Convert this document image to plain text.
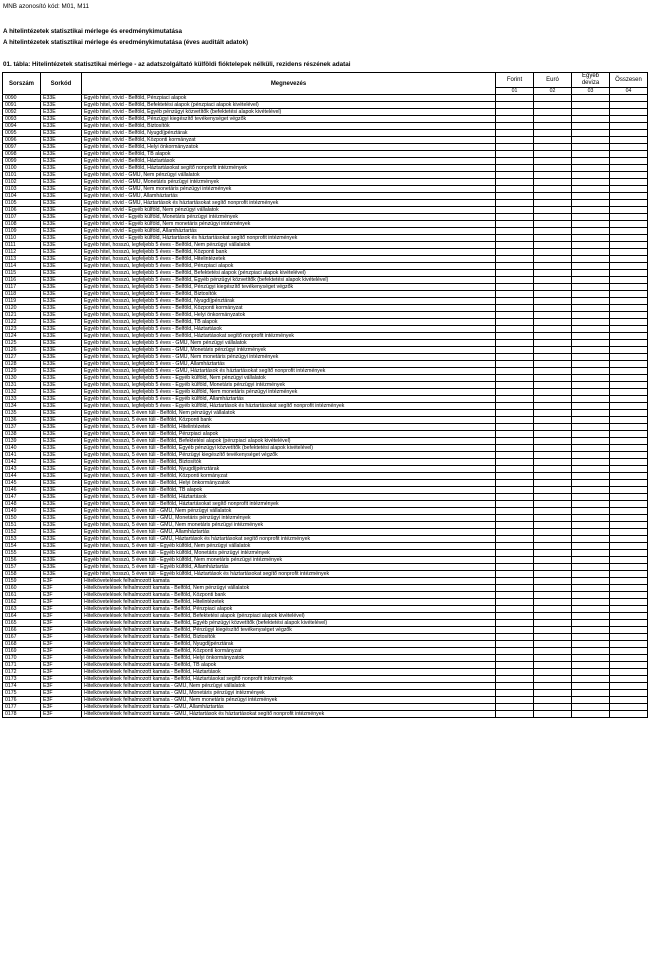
MNB azonosító kód: M01, M11
A hitelintézetek statisztikai mérlege és eredménykimutatása
A hitelintézetek statisztikai mérlege és eredménykimutatása (éves auditált adatok)
01. tábla: Hitelintézetek statisztikai mérlege - az adatszolgáltató külföldi fióktelepek nélküli, rezidens részének adatai
Sorszám	Sorkód	Megnevezés	Forint	Euró	Egyéb deviza	Összesen
			01	02	03	04
0090	E33E	Egyéb hitel, rövid - Belföld, Pénzpiaci alapok				
0091	E33E	Egyéb hitel, rövid - Belföld, Befektetési alapok (pénzpiaci alapok kivételével)				
0092	E33E	Egyéb hitel, rövid - Belföld, Egyéb pénzügyi közvetítők (befektetési alapok kivételével)				
0093	E33E	Egyéb hitel, rövid - Belföld, Pénzügyi kiegészítő tevékenységet végzők				
0094	E33E	Egyéb hitel, rövid - Belföld, Biztosítók				
0095	E33E	Egyéb hitel, rövid - Belföld, Nyugdíjpénztárak				
0096	E33E	Egyéb hitel, rövid - Belföld, Központi kormányzat				
0097	E33E	Egyéb hitel, rövid - Belföld, Helyi önkormányzatok				
0098	E33E	Egyéb hitel, rövid - Belföld, TB alapok				
0099	E33E	Egyéb hitel, rövid - Belföld, Háztartások				
0100	E33E	Egyéb hitel, rövid - Belföld, Háztartásokat segítő nonprofit intézmények				
0101	E33E	Egyéb hitel, rövid - GMU, Nem pénzügyi vállalatok				
0102	E33E	Egyéb hitel, rövid - GMU, Monetáris pénzügyi intézmények				
0103	E33E	Egyéb hitel, rövid - GMU, Nem monetáris pénzügyi intézmények				
0104	E33E	Egyéb hitel, rövid - GMU, Államháztartás				
0105	E33E	Egyéb hitel, rövid - GMU, Háztartások és háztartásokat segítő nonprofit intézmények				
0106	E33E	Egyéb hitel, rövid - Egyéb külföld, Nem pénzügyi vállalatok				
0107	E33E	Egyéb hitel, rövid - Egyéb külföld, Monetáris pénzügyi intézmények				
0108	E33E	Egyéb hitel, rövid - Egyéb külföld, Nem monetáris pénzügyi intézmények				
0109	E33E	Egyéb hitel, rövid - Egyéb külföld, Államháztartás				
0110	E33E	Egyéb hitel, rövid - Egyéb külföld, Háztartások és háztartásokat segítő nonprofit intézmények				
0111	E33E	Egyéb hitel, hosszú, legfeljebb 5 éves - Belföld, Nem pénzügyi vállalatok				
0112	E33E	Egyéb hitel, hosszú, legfeljebb 5 éves - Belföld, Központi bank				
0113	E33E	Egyéb hitel, hosszú, legfeljebb 5 éves - Belföld, Hitelintézetek				
0114	E33E	Egyéb hitel, hosszú, legfeljebb 5 éves - Belföld, Pénzpiaci alapok				
0115	E33E	Egyéb hitel, hosszú, legfeljebb 5 éves - Belföld, Befektetési alapok (pénzpiaci alapok kivételével)				
0116	E33E	Egyéb hitel, hosszú, legfeljebb 5 éves - Belföld, Egyéb pénzügyi közvetítők (befektetési alapok kivételével)				
0117	E33E	Egyéb hitel, hosszú, legfeljebb 5 éves - Belföld, Pénzügyi kiegészítő tevékenységet végzők				
0118	E33E	Egyéb hitel, hosszú, legfeljebb 5 éves - Belföld, Biztosítók				
0119	E33E	Egyéb hitel, hosszú, legfeljebb 5 éves - Belföld, Nyugdíjpénztárak				
0120	E33E	Egyéb hitel, hosszú, legfeljebb 5 éves - Belföld, Központi kormányzat				
0121	E33E	Egyéb hitel, hosszú, legfeljebb 5 éves - Belföld, Helyi önkormányzatok				
0122	E33E	Egyéb hitel, hosszú, legfeljebb 5 éves - Belföld, TB alapok				
0123	E33E	Egyéb hitel, hosszú, legfeljebb 5 éves - Belföld, Háztartások				
0124	E33E	Egyéb hitel, hosszú, legfeljebb 5 éves - Belföld, Háztartásokat segítő nonprofit intézmények				
0125	E33E	Egyéb hitel, hosszú, legfeljebb 5 éves - GMU, Nem pénzügyi vállalatok				
0126	E33E	Egyéb hitel, hosszú, legfeljebb 5 éves - GMU, Monetáris pénzügyi intézmények				
0127	E33E	Egyéb hitel, hosszú, legfeljebb 5 éves - GMU, Nem monetáris pénzügyi intézmények				
0128	E33E	Egyéb hitel, hosszú, legfeljebb 5 éves - GMU, Államháztartás				
0129	E33E	Egyéb hitel, hosszú, legfeljebb 5 éves - GMU, Háztartások és háztartásokat segítő nonprofit intézmények				
0130	E33E	Egyéb hitel, hosszú, legfeljebb 5 éves - Egyéb külföld, Nem pénzügyi vállalatok				
0131	E33E	Egyéb hitel, hosszú, legfeljebb 5 éves - Egyéb külföld, Monetáris pénzügyi intézmények				
0132	E33E	Egyéb hitel, hosszú, legfeljebb 5 éves - Egyéb külföld, Nem monetáris pénzügyi intézmények				
0133	E33E	Egyéb hitel, hosszú, legfeljebb 5 éves - Egyéb külföld, Államháztartás				
0134	E33E	Egyéb hitel, hosszú, legfeljebb 5 éves - Egyéb külföld, Háztartások és háztartásokat segítő nonprofit intézmények				
0135	E33E	Egyéb hitel, hosszú, 5 éven túli - Belföld, Nem pénzügyi vállalatok				
0136	E33E	Egyéb hitel, hosszú, 5 éven túli - Belföld, Központi bank				
0137	E33E	Egyéb hitel, hosszú, 5 éven túli - Belföld, Hitelintézetek				
0138	E33E	Egyéb hitel, hosszú, 5 éven túli - Belföld, Pénzpiaci alapok				
0139	E33E	Egyéb hitel, hosszú, 5 éven túli - Belföld, Befektetési alapok (pénzpiaci alapok kivételével)				
0140	E33E	Egyéb hitel, hosszú, 5 éven túli - Belföld, Egyéb pénzügyi közvetítők (befektetési alapok kivételével)				
0141	E33E	Egyéb hitel, hosszú, 5 éven túli - Belföld, Pénzügyi kiegészítő tevékenységet végzők				
0142	E33E	Egyéb hitel, hosszú, 5 éven túli - Belföld, Biztosítók				
0143	E33E	Egyéb hitel, hosszú, 5 éven túli - Belföld, Nyugdíjpénztárak				
0144	E33E	Egyéb hitel, hosszú, 5 éven túli - Belföld, Központi kormányzat				
0145	E33E	Egyéb hitel, hosszú, 5 éven túli - Belföld, Helyi önkormányzatok				
0146	E33E	Egyéb hitel, hosszú, 5 éven túli - Belföld, TB alapok				
0147	E33E	Egyéb hitel, hosszú, 5 éven túli - Belföld, Háztartások				
0148	E33E	Egyéb hitel, hosszú, 5 éven túli - Belföld, Háztartásokat segítő nonprofit intézmények				
0149	E33E	Egyéb hitel, hosszú, 5 éven túli - GMU, Nem pénzügyi vállalatok				
0150	E33E	Egyéb hitel, hosszú, 5 éven túli - GMU, Monetáris pénzügyi intézmények				
0151	E33E	Egyéb hitel, hosszú, 5 éven túli - GMU, Nem monetáris pénzügyi intézmények				
0152	E33E	Egyéb hitel, hosszú, 5 éven túli - GMU, Államháztartás				
0153	E33E	Egyéb hitel, hosszú, 5 éven túli - GMU, Háztartások és háztartásokat segítő nonprofit intézmények				
0154	E33E	Egyéb hitel, hosszú, 5 éven túli - Egyéb külföld, Nem pénzügyi vállalatok				
0155	E33E	Egyéb hitel, hosszú, 5 éven túli - Egyéb külföld, Monetáris pénzügyi intézmények				
0156	E33E	Egyéb hitel, hosszú, 5 éven túli - Egyéb külföld, Nem monetáris pénzügyi intézmények				
0157	E33E	Egyéb hitel, hosszú, 5 éven túli - Egyéb külföld, Államháztartás				
0158	E33E	Egyéb hitel, hosszú, 5 éven túli - Egyéb külföld, Háztartások és háztartásokat segítő nonprofit intézmények				
0159	E3F	Hitelkövetelések felhalmozott kamata				
0160	E3F	Hitelkövetelések felhalmozott kamata - Belföld, Nem pénzügyi vállalatok				
0161	E3F	Hitelkövetelések felhalmozott kamata - Belföld, Központi bank				
0162	E3F	Hitelkövetelések felhalmozott kamata - Belföld, Hitelintézetek				
0163	E3F	Hitelkövetelések felhalmozott kamata - Belföld, Pénzpiaci alapok				
0164	E3F	Hitelkövetelések felhalmozott kamata - Belföld, Befektetési alapok (pénzpiaci alapok kivételével)				
0165	E3F	Hitelkövetelések felhalmozott kamata - Belföld, Egyéb pénzügyi közvetítők (befektetési alapok kivételével)				
0166	E3F	Hitelkövetelések felhalmozott kamata - Belföld, Pénzügyi kiegészítő tevékenységet végzők				
0167	E3F	Hitelkövetelések felhalmozott kamata - Belföld, Biztosítók				
0168	E3F	Hitelkövetelések felhalmozott kamata - Belföld, Nyugdíjpénztárak				
0169	E3F	Hitelkövetelések felhalmozott kamata - Belföld, Központi kormányzat				
0170	E3F	Hitelkövetelések felhalmozott kamata - Belföld, Helyi önkormányzatok				
0171	E3F	Hitelkövetelések felhalmozott kamata - Belföld, TB alapok				
0172	E3F	Hitelkövetelések felhalmozott kamata - Belföld, Háztartások				
0173	E3F	Hitelkövetelések felhalmozott kamata - Belföld, Háztartásokat segítő nonprofit intézmények				
0174	E3F	Hitelkövetelések felhalmozott kamata - GMU, Nem pénzügyi vállalatok				
0175	E3F	Hitelkövetelések felhalmozott kamata - GMU, Monetáris pénzügyi intézmények				
0176	E3F	Hitelkövetelések felhalmozott kamata - GMU, Nem monetáris pénzügyi intézmények				
0177	E3F	Hitelkövetelések felhalmozott kamata - GMU, Államháztartás				
0178	E3F	Hitelkövetelések felhalmozott kamata - GMU, Háztartások és háztartásokat segítő nonprofit intézmények				
